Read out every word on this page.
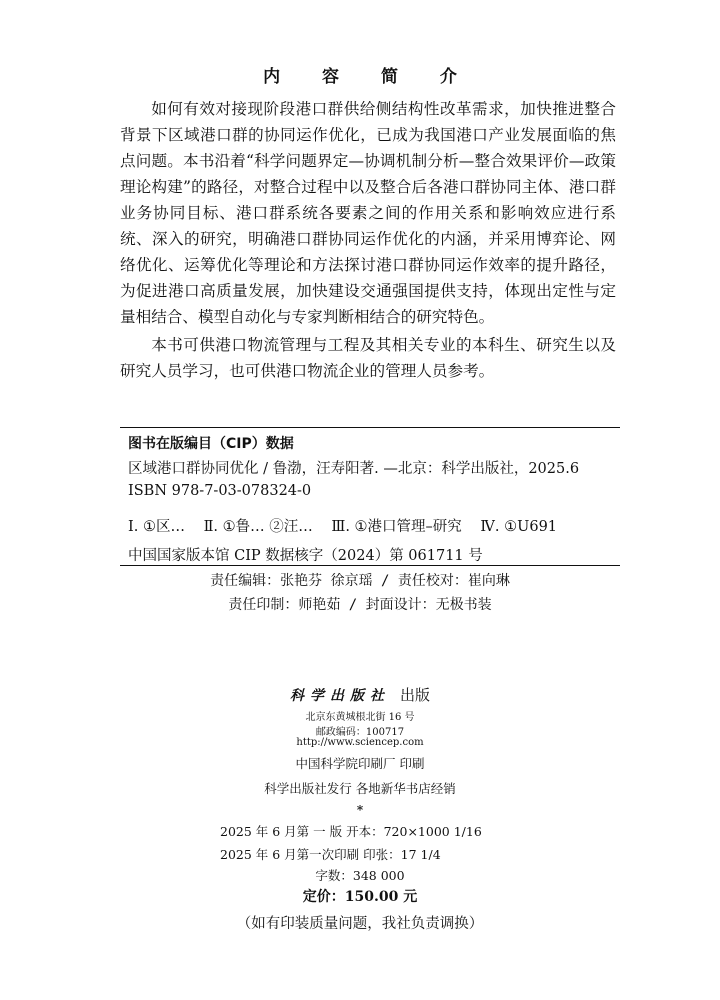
内 容 简 介

如何有效对接现阶段港口群供给侧结构性改革需求，加快推进整合背景下区域港口群的协同运作优化，已成为我国港口产业发展面临的焦点问题。本书沿着“科学问题界定—协调机制分析—整合效果评价—政策理论构建”的路径，对整合过程中以及整合后各港口群协同主体、港口群业务协同目标、港口群系统各要素之间的作用关系和影响效应进行系统、深入的研究，明确港口群协同运作优化的内涵，并采用博弈论、网络优化、运筹优化等理论和方法探讨港口群协同运作效率的提升路径，为促进港口高质量发展，加快建设交通强国提供支持，体现出定性与定量相结合、模型自动化与专家判断相结合的研究特色。

本书可供港口物流管理与工程及其相关专业的本科生、研究生以及研究人员学习，也可供港口物流企业的管理人员参考。

图书在版编目（CIP）数据
区域港口群协同优化 / 鲁渤，汪寿阳著. —北京：科学出版社，2025.6
ISBN 978-7-03-078324-0
Ⅰ. ①区… Ⅱ. ①鲁… ②汪… Ⅲ. ①港口管理–研究 Ⅳ. ①U691
中国国家版本馆 CIP 数据核字（2024）第 061711 号
责任编辑：张艳芬 徐京瑶 / 责任校对：崔向琳
责任印制：师艳茹 / 封面设计：无极书装
科学出版社 出版
北京东黄城根北街 16 号
邮政编码：100717
http://www.sciencep.com
中国科学院印刷厂 印刷
科学出版社发行 各地新华书店经销
*
2025 年 6 月第 一 版 开本：720×1000 1/16
2025 年 6 月第一次印刷 印张：17 1/4
字数：348 000
定价：150.00 元
（如有印装质量问题，我社负责调换）
